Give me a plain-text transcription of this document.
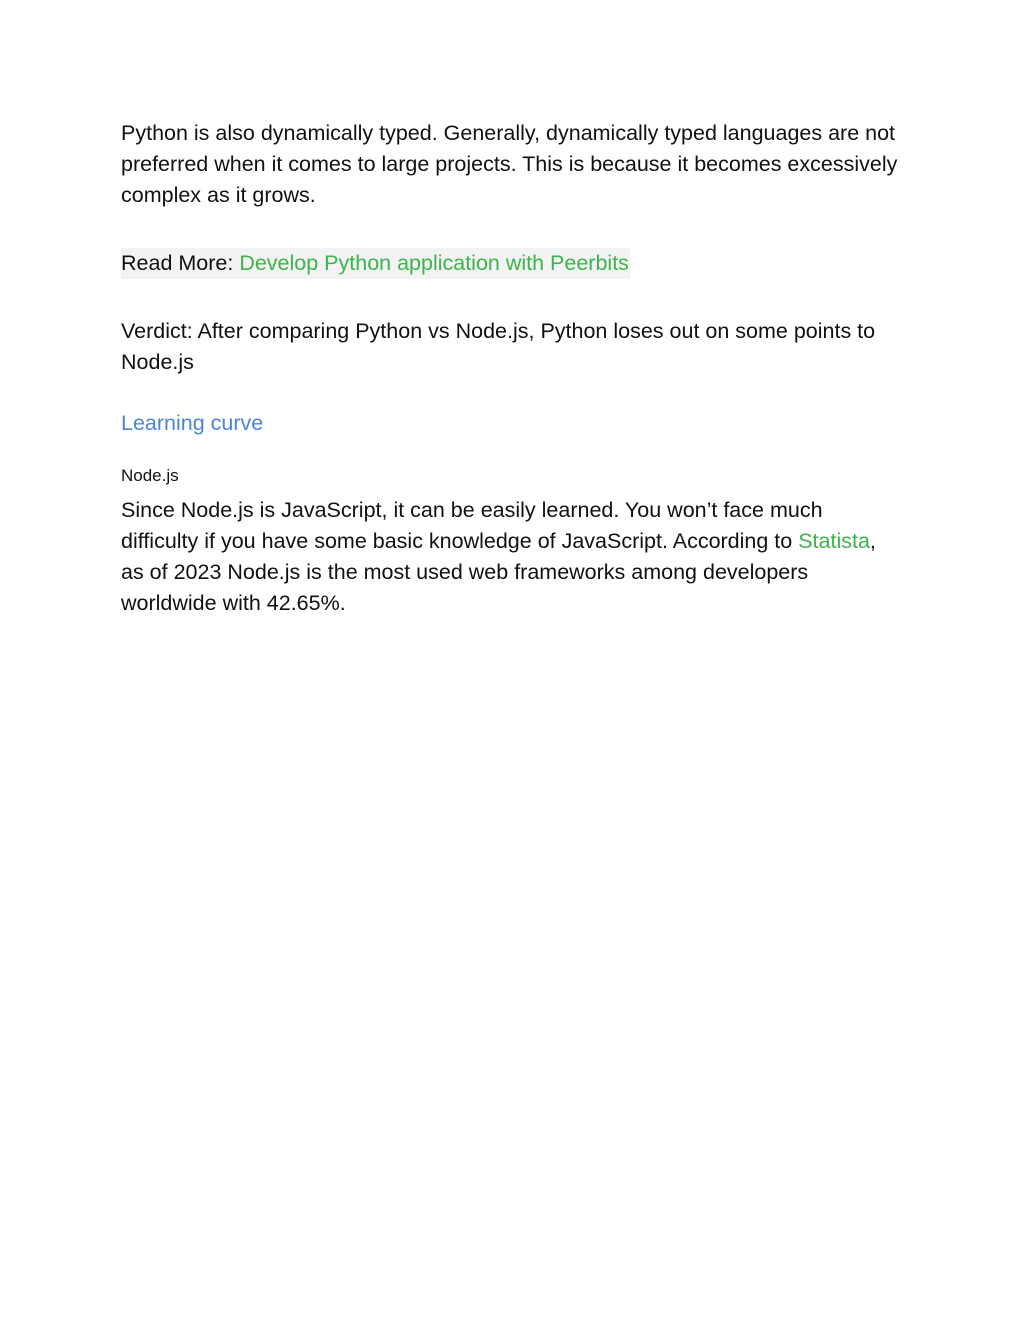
Python is also dynamically typed. Generally, dynamically typed languages are not preferred when it comes to large projects. This is because it becomes excessively complex as it grows.

Read More: Develop Python application with Peerbits

Verdict: After comparing Python vs Node.js, Python loses out on some points to Node.js

Learning curve

Node.js

Since Node.js is JavaScript, it can be easily learned. You won’t face much difficulty if you have some basic knowledge of JavaScript. According to Statista, as of 2023 Node.js is the most used web frameworks among developers worldwide with 42.65%.
